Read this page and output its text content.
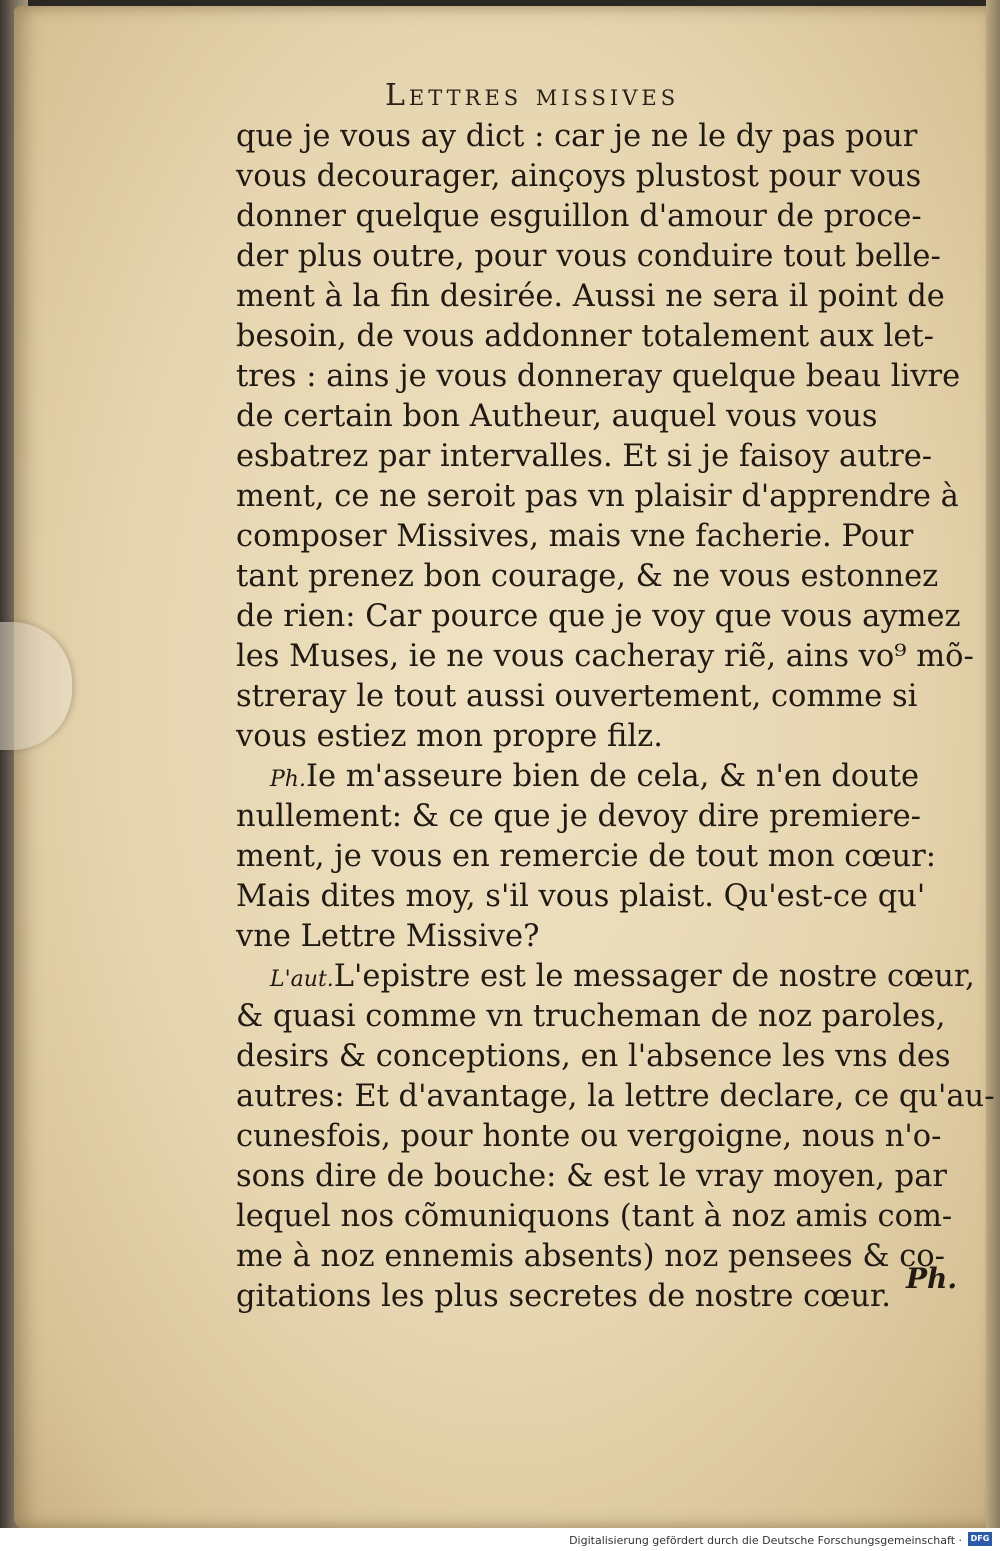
Lettres missives
que je vous ay dict : car je ne le dy pas pour
vous decourager, ainçoys plustost pour vous
donner quelque esguillon d'amour de proce-
der plus outre, pour vous conduire tout belle-
ment à la fin desirée. Aussi ne sera il point de
besoin, de vous addonner totalement aux let-
tres : ains je vous donneray quelque beau livre
de certain bon Autheur, auquel vous vous
esbatrez par intervalles. Et si je faisoy autre-
ment, ce ne seroit pas vn plaisir d'apprendre à
composer Missives, mais vne facherie. Pour
tant prenez bon courage, & ne vous estonnez
de rien: Car pource que je voy que vous aymez
les Muses, ie ne vous cacheray riẽ, ains vo⁹ mõ-
streray le tout aussi ouvertement, comme si
vous estiez mon propre filz.
Ph.Ie m'asseure bien de cela, & n'en doute
nullement: & ce que je devoy dire premiere-
ment, je vous en remercie de tout mon cœur:
Mais dites moy, s'il vous plaist. Qu'est-ce qu'
vne Lettre Missive?
L'aut.L'epistre est le messager de nostre cœur,
& quasi comme vn trucheman de noz paroles,
desirs & conceptions, en l'absence les vns des
autres: Et d'avantage, la lettre declare, ce qu'au-
cunesfois, pour honte ou vergoigne, nous n'o-
sons dire de bouche: & est le vray moyen, par
lequel nos cõmuniquons (tant à noz amis com-
me à noz ennemis absents) noz pensees & co-
gitations les plus secretes de nostre cœur.
Ph.
Digitalisierung gefördert durch die Deutsche Forschungsgemeinschaft ·	DFG
